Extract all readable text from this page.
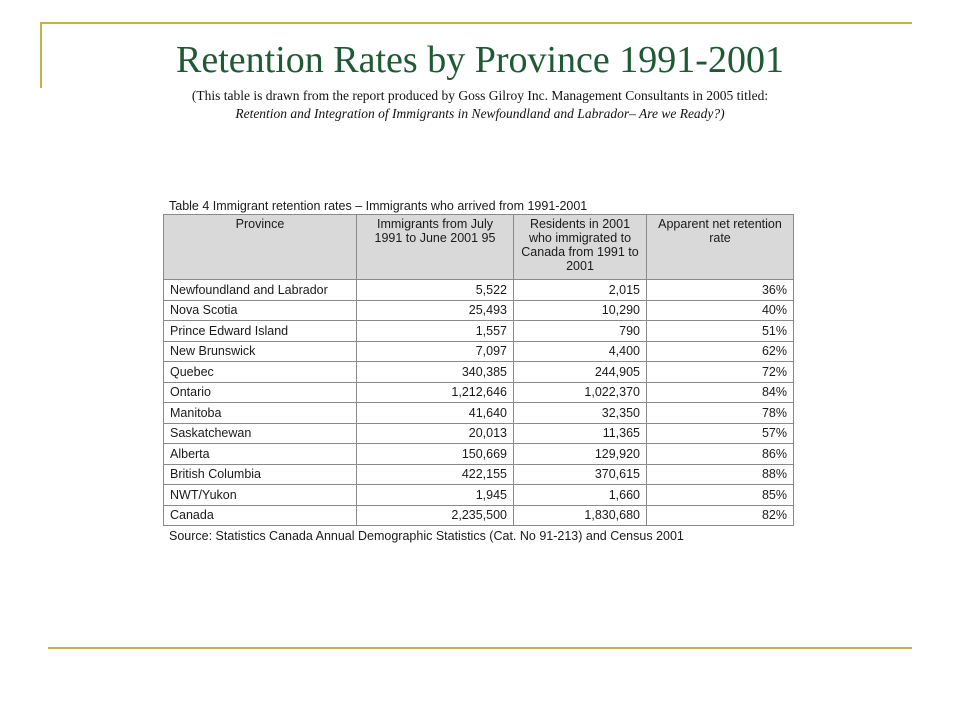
Retention Rates by Province 1991-2001
(This table is drawn from the report produced by Goss Gilroy Inc. Management Consultants in 2005 titled:
Retention and Integration of Immigrants in Newfoundland and Labrador– Are we Ready?)
Table 4 Immigrant retention rates – Immigrants who arrived from 1991-2001
Province	Immigrants from July 1991 to June 2001 95	Residents in 2001 who immigrated to Canada from 1991 to 2001	Apparent net retention rate
Newfoundland and Labrador	5,522	2,015	36%
Nova Scotia	25,493	10,290	40%
Prince Edward Island	1,557	790	51%
New Brunswick	7,097	4,400	62%
Quebec	340,385	244,905	72%
Ontario	1,212,646	1,022,370	84%
Manitoba	41,640	32,350	78%
Saskatchewan	20,013	11,365	57%
Alberta	150,669	129,920	86%
British Columbia	422,155	370,615	88%
NWT/Yukon	1,945	1,660	85%
Canada	2,235,500	1,830,680	82%
Source: Statistics Canada Annual Demographic Statistics (Cat. No 91-213) and Census 2001
